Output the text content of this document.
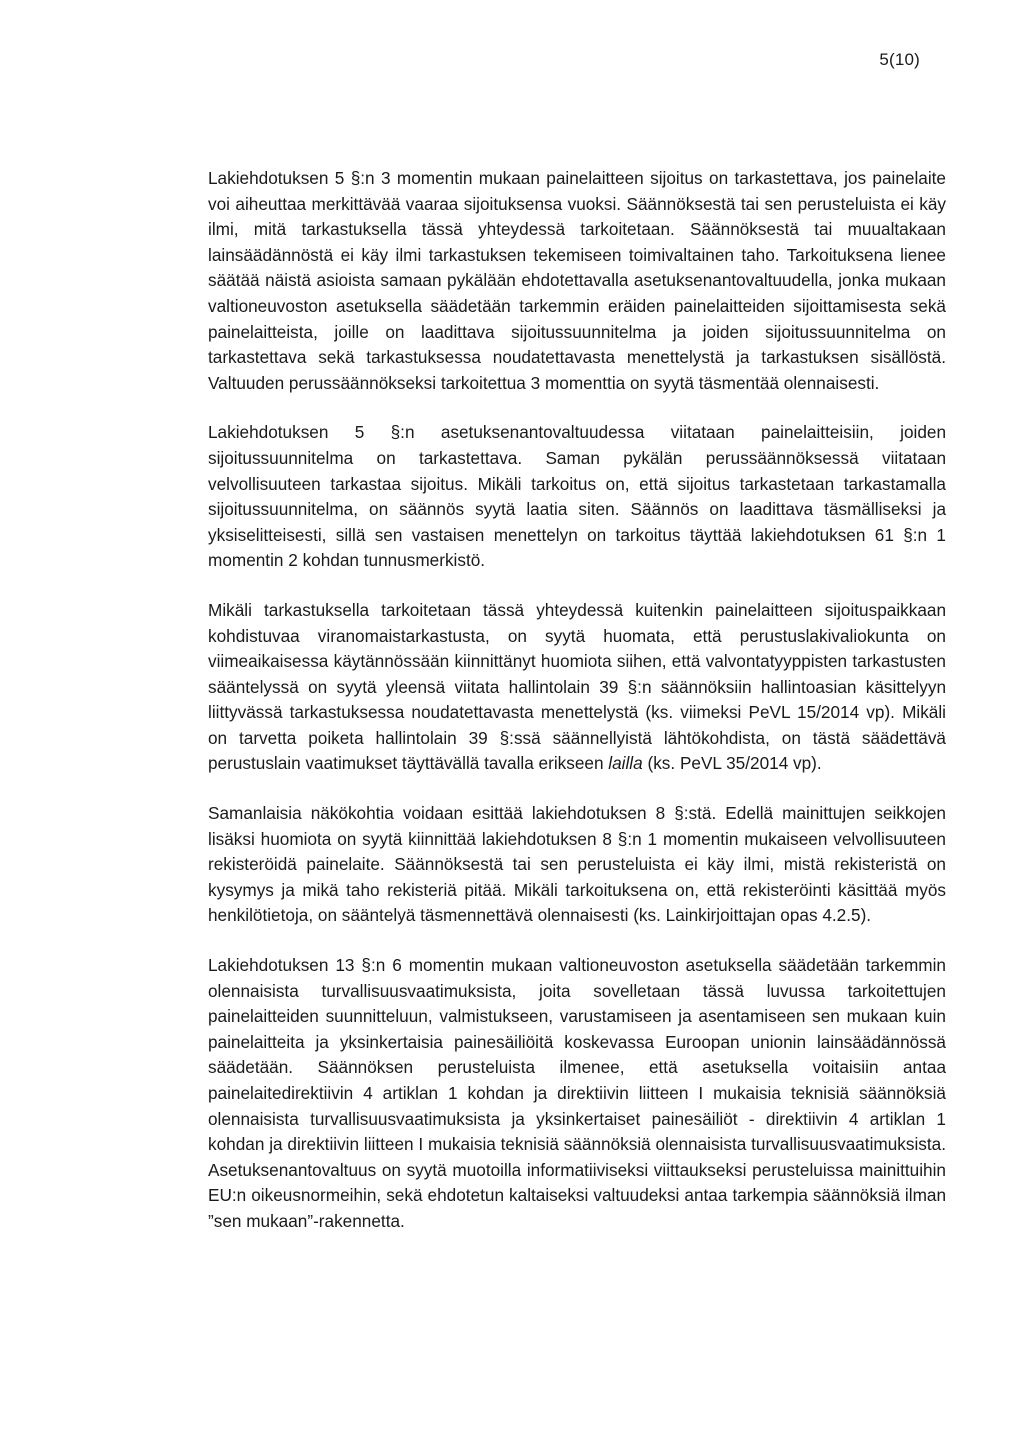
5(10)

Lakiehdotuksen 5 §:n 3 momentin mukaan painelaitteen sijoitus on tarkastettava, jos painelaite voi aiheuttaa merkittävää vaaraa sijoituksensa vuoksi. Säännöksestä tai sen perusteluista ei käy ilmi, mitä tarkastuksella tässä yhteydessä tarkoitetaan. Säännöksestä tai muualtakaan lainsäädännöstä ei käy ilmi tarkastuksen tekemiseen toimivaltainen taho. Tarkoituksena lienee säätää näistä asioista samaan pykälään ehdotettavalla asetuksenantovaltuudella, jonka mukaan valtioneuvoston asetuksella säädetään tarkemmin eräiden painelaitteiden sijoittamisesta sekä painelaitteista, joille on laadittava sijoitussuunnitelma ja joiden sijoitussuunnitelma on tarkastettava sekä tarkastuksessa noudatettavasta menettelystä ja tarkastuksen sisällöstä. Valtuuden perussäännökseksi tarkoitettua 3 momenttia on syytä täsmentää olennaisesti.

Lakiehdotuksen 5 §:n asetuksenantovaltuudessa viitataan painelaitteisiin, joiden sijoitussuunnitelma on tarkastettava. Saman pykälän perussäännöksessä viitataan velvollisuuteen tarkastaa sijoitus. Mikäli tarkoitus on, että sijoitus tarkastetaan tarkastamalla sijoitussuunnitelma, on säännös syytä laatia siten. Säännös on laadittava täsmälliseksi ja yksiselitteisesti, sillä sen vastaisen menettelyn on tarkoitus täyttää lakiehdotuksen 61 §:n 1 momentin 2 kohdan tunnusmerkistö.

Mikäli tarkastuksella tarkoitetaan tässä yhteydessä kuitenkin painelaitteen sijoituspaikkaan kohdistuvaa viranomaistarkastusta, on syytä huomata, että perustuslakivaliokunta on viimeaikaisessa käytännössään kiinnittänyt huomiota siihen, että valvontatyyppisten tarkastusten sääntelyssä on syytä yleensä viitata hallintolain 39 §:n säännöksiin hallintoasian käsittelyyn liittyvässä tarkastuksessa noudatettavasta menettelystä (ks. viimeksi PeVL 15/2014 vp). Mikäli on tarvetta poiketa hallintolain 39 §:ssä säännellyistä lähtökohdista, on tästä säädettävä perustuslain vaatimukset täyttävällä tavalla erikseen lailla (ks. PeVL 35/2014 vp).

Samanlaisia näkökohtia voidaan esittää lakiehdotuksen 8 §:stä. Edellä mainittujen seikkojen lisäksi huomiota on syytä kiinnittää lakiehdotuksen 8 §:n 1 momentin mukaiseen velvollisuuteen rekisteröidä painelaite. Säännöksestä tai sen perusteluista ei käy ilmi, mistä rekisteristä on kysymys ja mikä taho rekisteriä pitää. Mikäli tarkoituksena on, että rekisteröinti käsittää myös henkilötietoja, on sääntelyä täsmennettävä olennaisesti (ks. Lainkirjoittajan opas 4.2.5).

Lakiehdotuksen 13 §:n 6 momentin mukaan valtioneuvoston asetuksella säädetään tarkemmin olennaisista turvallisuusvaatimuksista, joita sovelletaan tässä luvussa tarkoitettujen painelaitteiden suunnitteluun, valmistukseen, varustamiseen ja asentamiseen sen mukaan kuin painelaitteita ja yksinkertaisia painesäiliöitä koskevassa Euroopan unionin lainsäädännössä säädetään. Säännöksen perusteluista ilmenee, että asetuksella voitaisiin antaa painelaitedirektiivin 4 artiklan 1 kohdan ja direktiivin liitteen I mukaisia teknisiä säännöksiä olennaisista turvallisuusvaatimuksista ja yksinkertaiset painesäiliöt - direktiivin 4 artiklan 1 kohdan ja direktiivin liitteen I mukaisia teknisiä säännöksiä olennaisista turvallisuusvaatimuksista. Asetuksenantovaltuus on syytä muotoilla informatiiviseksi viittaukseksi perusteluissa mainittuihin EU:n oikeusnormeihin, sekä ehdotetun kaltaiseksi valtuudeksi antaa tarkempia säännöksiä ilman ”sen mukaan”-rakennetta.
